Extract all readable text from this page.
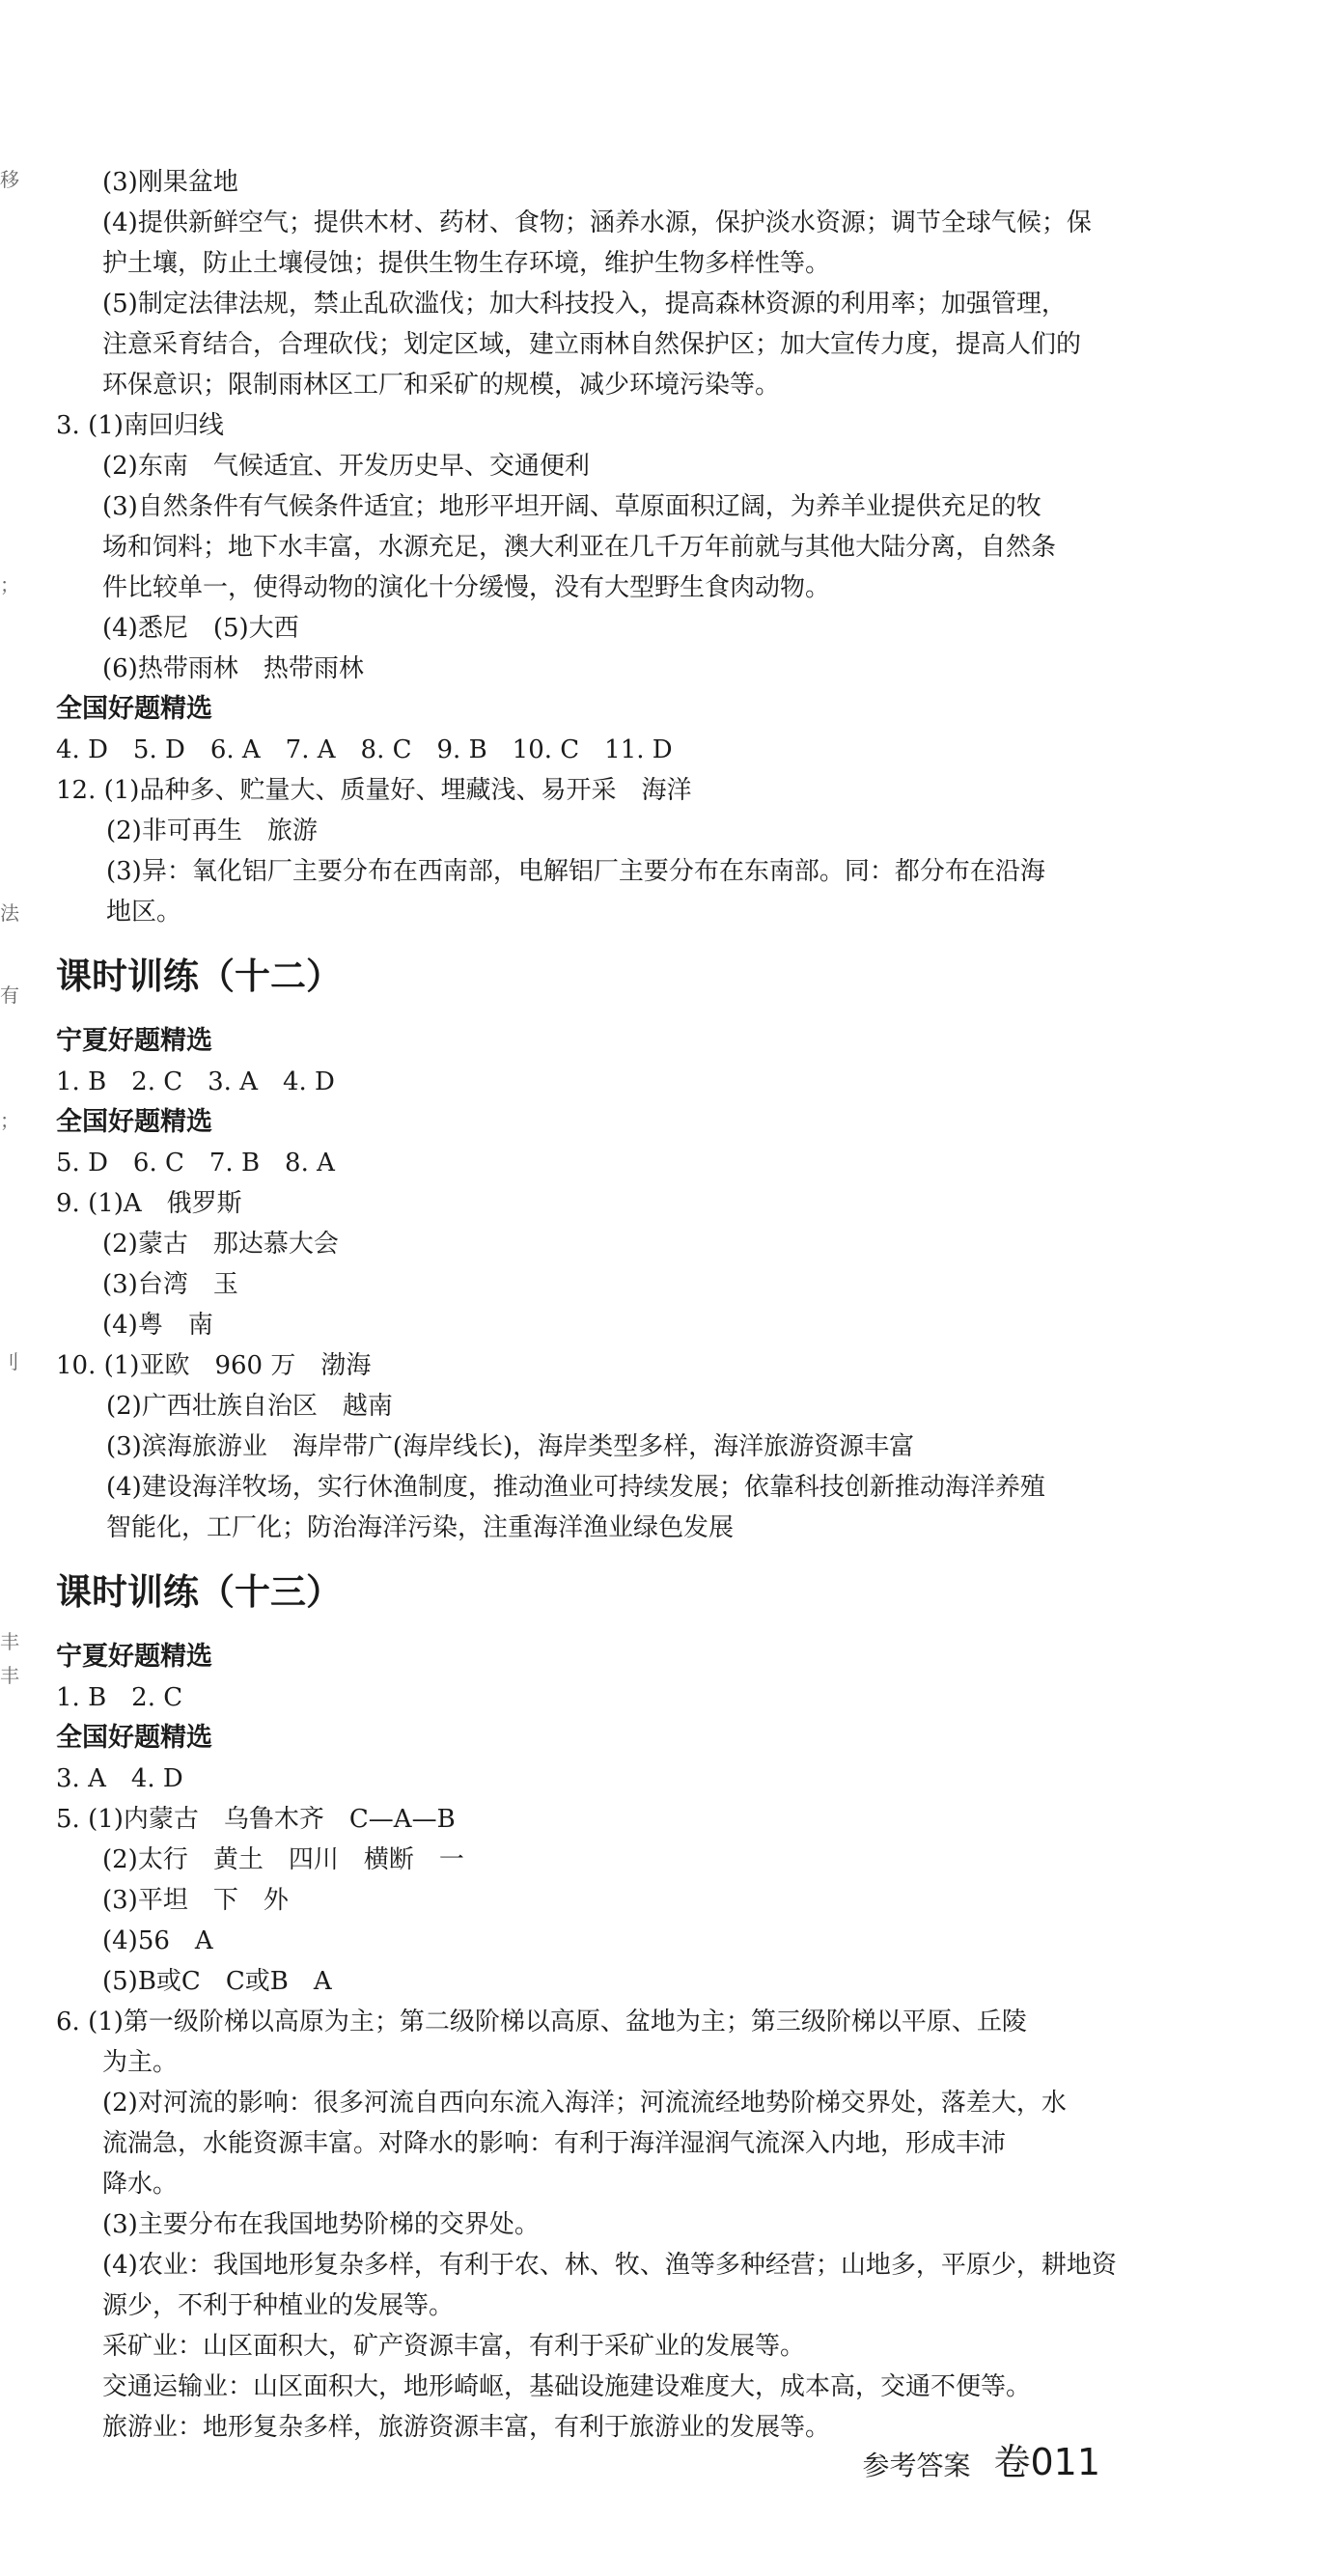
移
；
法
有
；
刂
丰
丰
(3)刚果盆地
(4)提供新鲜空气；提供木材、药材、食物；涵养水源，保护淡水资源；调节全球气候；保
护土壤，防止土壤侵蚀；提供生物生存环境，维护生物多样性等。
(5)制定法律法规，禁止乱砍滥伐；加大科技投入，提高森林资源的利用率；加强管理，
注意采育结合，合理砍伐；划定区域，建立雨林自然保护区；加大宣传力度，提高人们的
环保意识；限制雨林区工厂和采矿的规模，减少环境污染等。
3. (1)南回归线
(2)东南　气候适宜、开发历史早、交通便利
(3)自然条件有气候条件适宜；地形平坦开阔、草原面积辽阔，为养羊业提供充足的牧
场和饲料；地下水丰富，水源充足，澳大利亚在几千万年前就与其他大陆分离，自然条
件比较单一，使得动物的演化十分缓慢，没有大型野生食肉动物。
(4)悉尼　(5)大西
(6)热带雨林　热带雨林
全国好题精选
4. D　5. D　6. A　7. A　8. C　9. B　10. C　11. D
12. (1)品种多、贮量大、质量好、埋藏浅、易开采　海洋
(2)非可再生　旅游
(3)异：氧化铝厂主要分布在西南部，电解铝厂主要分布在东南部。同：都分布在沿海
地区。
课时训练（十二）
宁夏好题精选
1. B　2. C　3. A　4. D
全国好题精选
5. D　6. C　7. B　8. A
9. (1)A　俄罗斯
(2)蒙古　那达慕大会
(3)台湾　玉
(4)粤　南
10. (1)亚欧　960 万　渤海
(2)广西壮族自治区　越南
(3)滨海旅游业　海岸带广(海岸线长)，海岸类型多样，海洋旅游资源丰富
(4)建设海洋牧场，实行休渔制度，推动渔业可持续发展；依靠科技创新推动海洋养殖
智能化，工厂化；防治海洋污染，注重海洋渔业绿色发展
课时训练（十三）
宁夏好题精选
1. B　2. C
全国好题精选
3. A　4. D
5. (1)内蒙古　乌鲁木齐　C—A—B
(2)太行　黄土　四川　横断　一
(3)平坦　下　外
(4)56　A
(5)B或C　C或B　A
6. (1)第一级阶梯以高原为主；第二级阶梯以高原、盆地为主；第三级阶梯以平原、丘陵
为主。
(2)对河流的影响：很多河流自西向东流入海洋；河流流经地势阶梯交界处，落差大，水
流湍急，水能资源丰富。对降水的影响：有利于海洋湿润气流深入内地，形成丰沛
降水。
(3)主要分布在我国地势阶梯的交界处。
(4)农业：我国地形复杂多样，有利于农、林、牧、渔等多种经营；山地多，平原少，耕地资
源少，不利于种植业的发展等。
采矿业：山区面积大，矿产资源丰富，有利于采矿业的发展等。
交通运输业：山区面积大，地形崎岖，基础设施建设难度大，成本高，交通不便等。
旅游业：地形复杂多样，旅游资源丰富，有利于旅游业的发展等。
参考答案 卷011
